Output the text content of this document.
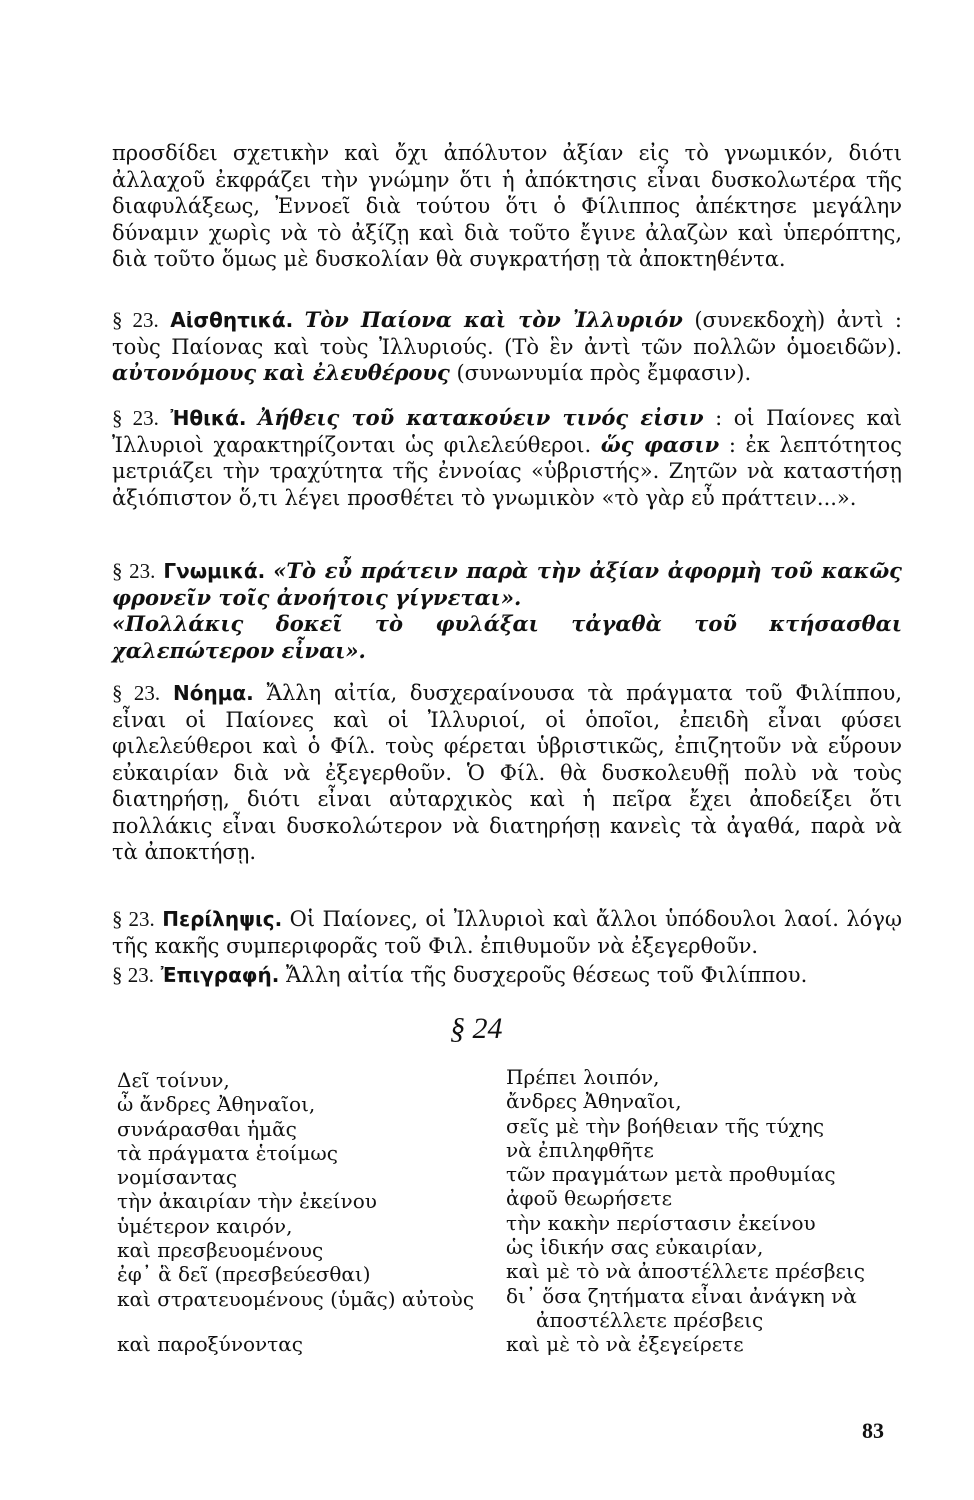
προσδίδει σχετικὴν καὶ ὄχι ἀπόλυτον ἀξίαν εἰς τὸ γνωμικόν, διότι ἀλλαχοῦ ἐκφράζει τὴν γνώμην ὅτι ἡ ἀπόκτησις εἶναι δυσκολωτέρα τῆς διαφυλάξεως, Ἐννοεῖ διὰ τούτου ὅτι ὁ Φίλιππος ἀπέκτησε μεγάλην δύναμιν χωρὶς νὰ τὸ ἀξίζῃ καὶ διὰ τοῦτο ἔγινε ἀλαζὼν καὶ ὑπερόπτης, διὰ τοῦτο ὅμως μὲ δυσκολίαν θὰ συγκρατήσῃ τὰ ἀποκτηθέντα.

§ 23. Αἰσθητικά. Τὸν Παίονα καὶ τὸν Ἰλλυριόν (συνεκδοχὴ) ἀντὶ : τοὺς Παίονας καὶ τοὺς Ἰλλυριούς. (Τὸ ἓν ἀντὶ τῶν πολλῶν ὁμοειδῶν). αὐτονόμους καὶ ἐλευθέρους (συνωνυμία πρὸς ἔμφασιν).

§ 23. Ἠθικά. Ἀήθεις τοῦ κατακούειν τινός εἰσιν : οἱ Παίονες καὶ Ἰλλυριοὶ χαρακτηρίζονται ὡς φιλελεύθεροι. ὥς φασιν : ἐκ λεπτότητος μετριάζει τὴν τραχύτητα τῆς ἐννοίας «ὑβριστής». Ζητῶν νὰ καταστήσῃ ἀξιόπιστον ὅ,τι λέγει προσθέτει τὸ γνωμικὸν «τὸ γὰρ εὖ πράττειν...».

§ 23. Γνωμικά. «Τὸ εὖ πράτειν παρὰ τὴν ἀξίαν ἀφορμὴ τοῦ κακῶς φρονεῖν τοῖς ἀνοήτοις γίγνεται».
«Πολλάκις δοκεῖ τὸ φυλάξαι τἀγαθὰ τοῦ κτήσασθαι χαλεπώτερον εἶναι».

§ 23. Νόημα. Ἄλλη αἰτία, δυσχεραίνουσα τὰ πράγματα τοῦ Φιλίππου, εἶναι οἱ Παίονες καὶ οἱ Ἰλλυριοί, οἱ ὁποῖοι, ἐπειδὴ εἶναι φύσει φιλελεύθεροι καὶ ὁ Φίλ. τοὺς φέρεται ὑβριστικῶς, ἐπιζητοῦν νὰ εὕρουν εὐκαιρίαν διὰ νὰ ἐξεγερθοῦν. Ὁ Φίλ. θὰ δυσκολευθῇ πολὺ νὰ τοὺς διατηρήσῃ, διότι εἶναι αὐταρχικὸς καὶ ἡ πεῖρα ἔχει ἀποδείξει ὅτι πολλάκις εἶναι δυσκολώτερον νὰ διατηρήσῃ κανεὶς τὰ ἀγαθά, παρὰ νὰ τὰ ἀποκτήσῃ.

§ 23. Περίληψις. Οἱ Παίονες, οἱ Ἰλλυριοὶ καὶ ἄλλοι ὑπόδουλοι λαοί. λόγῳ τῆς κακῆς συμπεριφορᾶς τοῦ Φιλ. ἐπιθυμοῦν νὰ ἐξεγερθοῦν.

§ 23. Ἐπιγραφή. Ἄλλη αἰτία τῆς δυσχεροῦς θέσεως τοῦ Φιλίππου.

§ 24
Δεῖ τοίνυν,
ὦ ἄνδρες Ἀθηναῖοι,
συνάρασθαι ἡμᾶς
τὰ πράγματα ἑτοίμως
νομίσαντας
τὴν ἀκαιρίαν τὴν ἐκείνου
ὑμέτερον καιρόν,
καὶ πρεσβευομένους
ἐφ᾽ ἃ δεῖ (πρεσβεύεσθαι)
καὶ στρατευομένους (ὑμᾶς) αὐτοὺς
καὶ παροξύνοντας
Πρέπει λοιπόν,
ἄνδρες Ἀθηναῖοι,
σεῖς μὲ τὴν βοήθειαν τῆς τύχης
νὰ ἐπιληφθῆτε
τῶν πραγμάτων μετὰ προθυμίας
ἀφοῦ θεωρήσετε
τὴν κακὴν περίστασιν ἐκείνου
ὡς ἰδικήν σας εὐκαιρίαν,
καὶ μὲ τὸ νὰ ἀποστέλλετε πρέσβεις
δι᾽ ὅσα ζητήματα εἶναι ἀνάγκη νὰ
ἀποστέλλετε πρέσβεις
καὶ μὲ τὸ νὰ ἐξεγείρετε
83
